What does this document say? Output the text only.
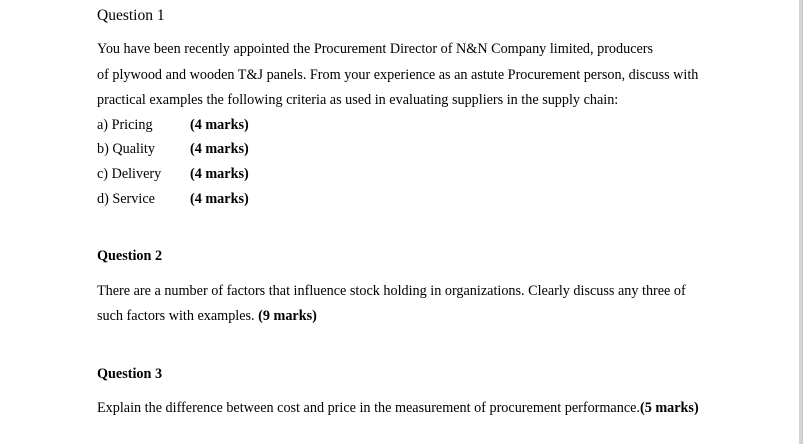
Question 1
You have been recently appointed the Procurement Director of N&N Company limited, producers
of plywood and wooden T&J panels. From your experience as an astute Procurement person, discuss with
practical examples the following criteria as used in evaluating suppliers in the supply chain:
a) Pricing	(4 marks)
b) Quality (4 marks)
c) Delivery (4 marks)
d) Service (4 marks)
Question 2
There are a number of factors that influence stock holding in organizations. Clearly discuss any three of
such factors with examples. (9 marks)
Question 3
Explain the difference between cost and price in the measurement of procurement performance.(5 marks)
